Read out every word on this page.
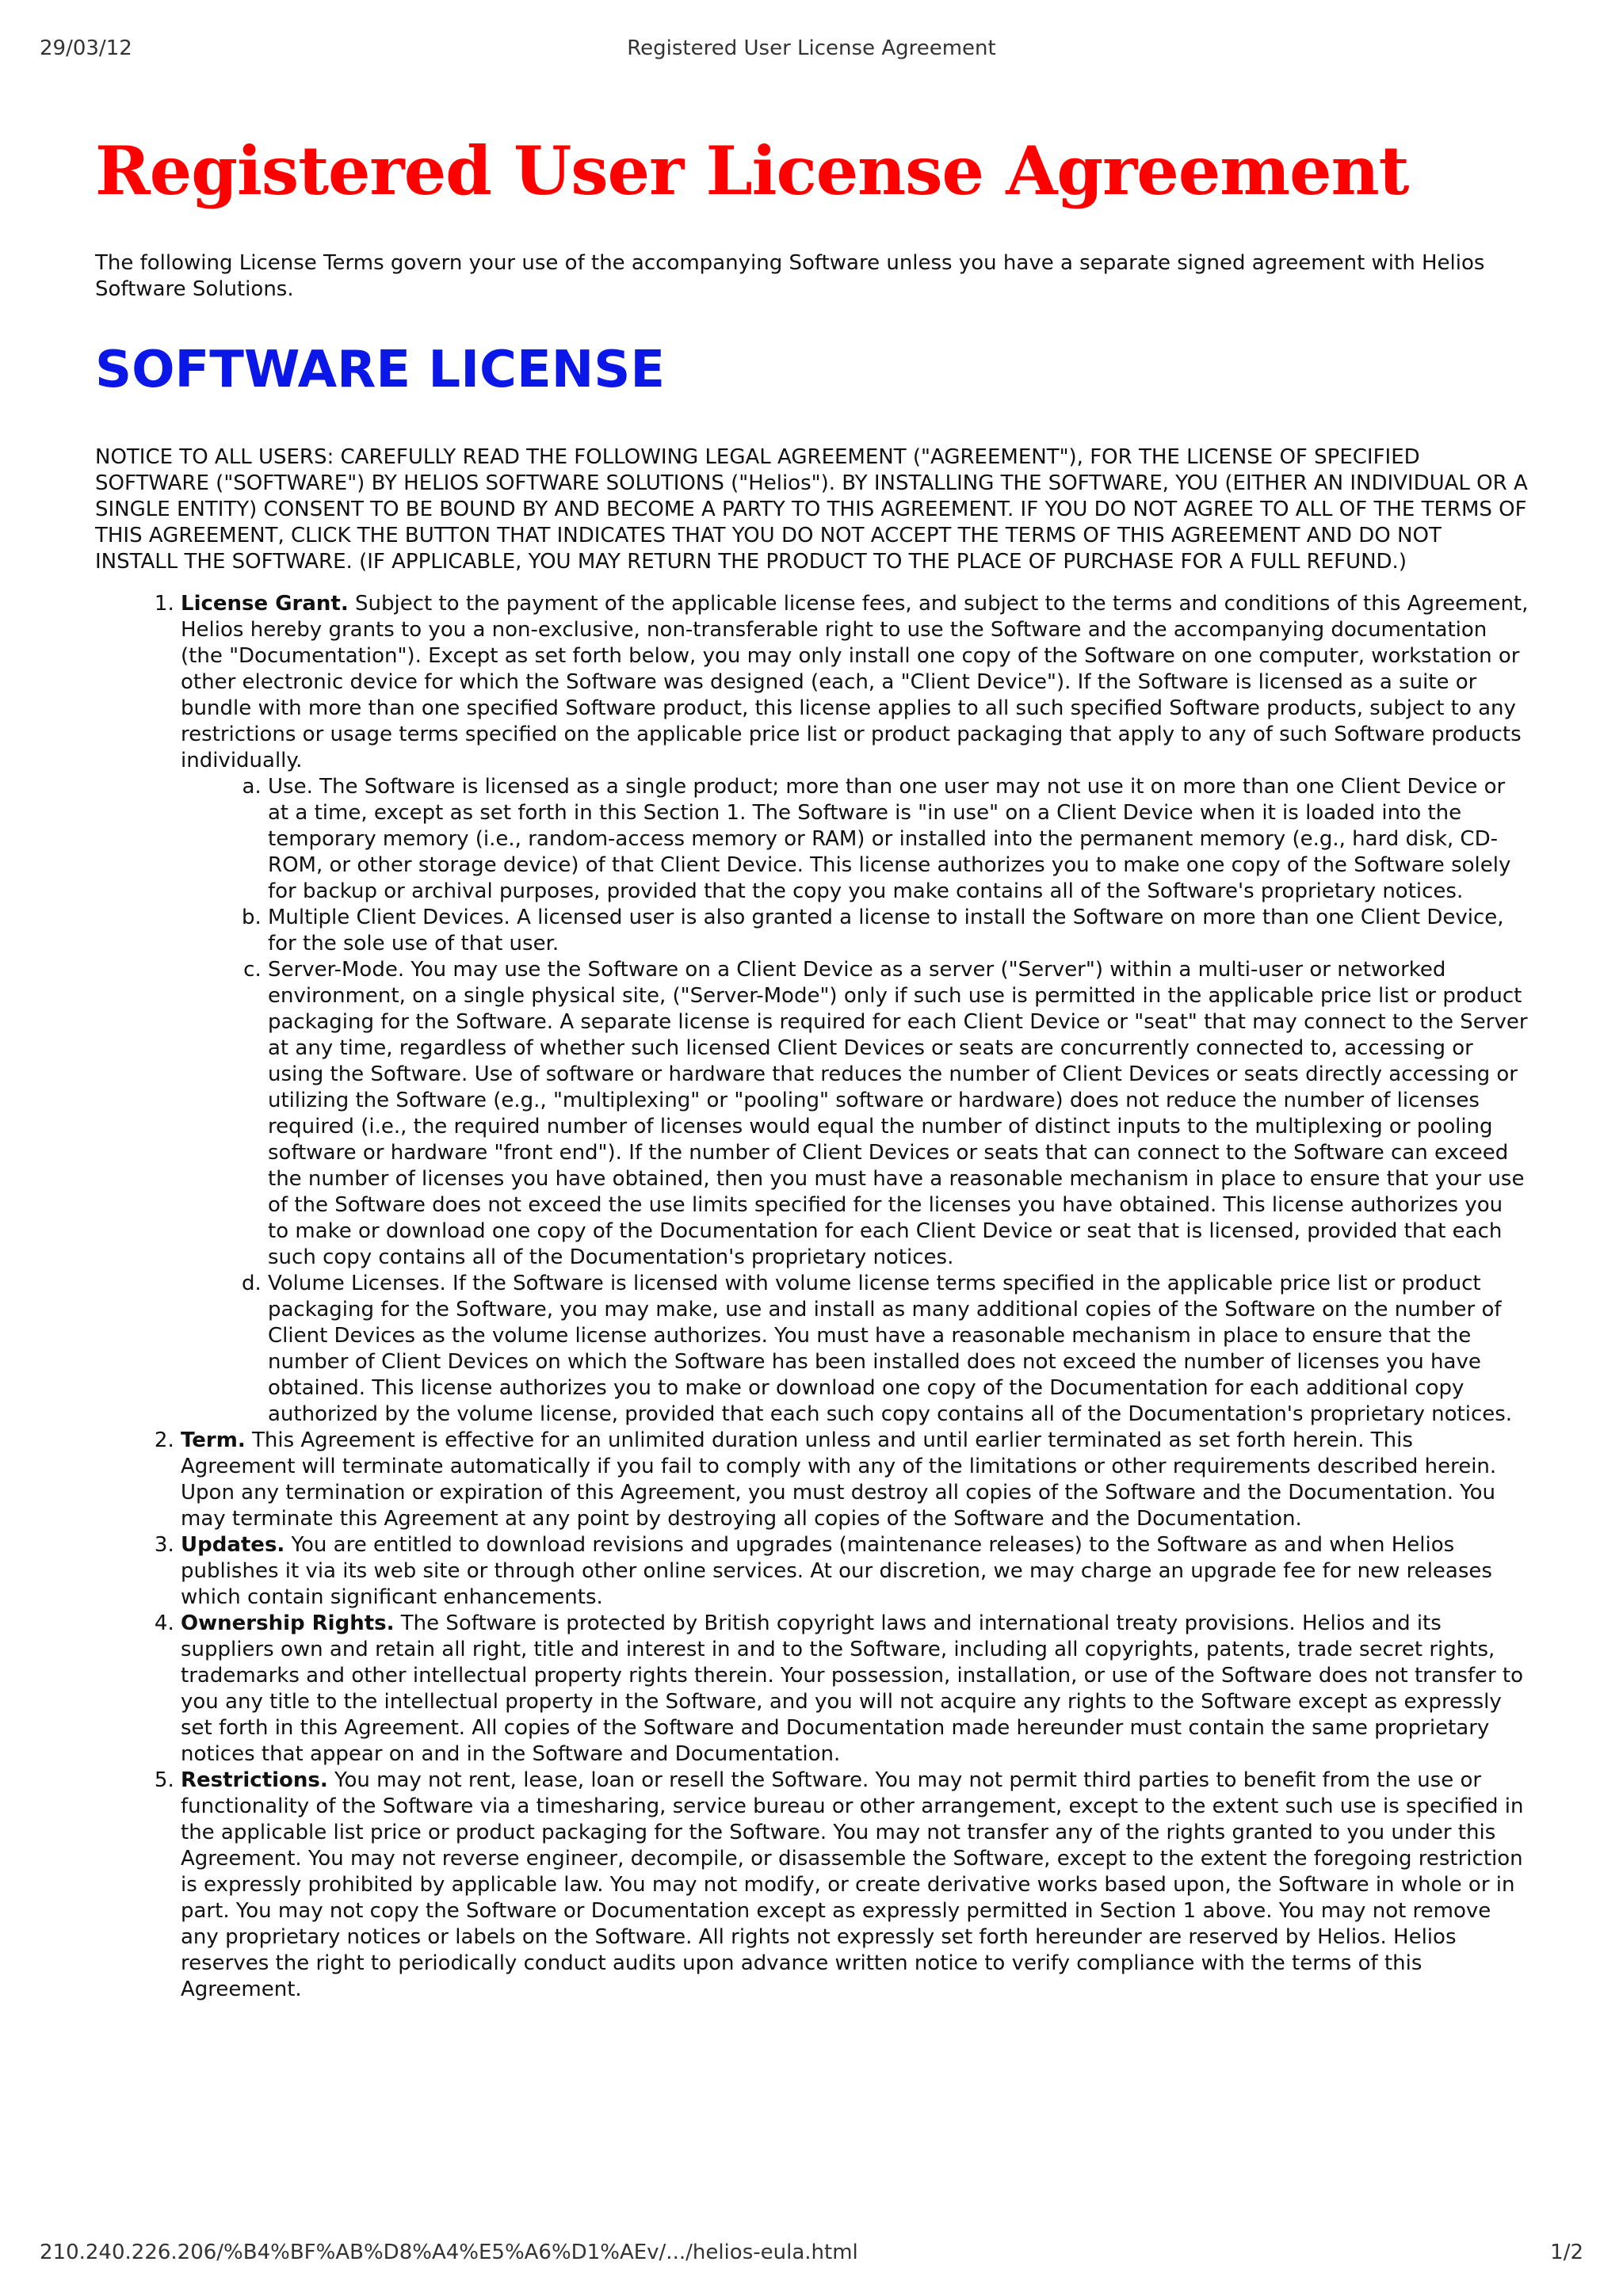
29/03/12	Registered User License Agreement
Registered User License Agreement

The following License Terms govern your use of the accompanying Software unless you have a separate signed agreement with Helios Software Solutions.

SOFTWARE LICENSE

NOTICE TO ALL USERS: CAREFULLY READ THE FOLLOWING LEGAL AGREEMENT ("AGREEMENT"), FOR THE LICENSE OF SPECIFIED SOFTWARE ("SOFTWARE") BY HELIOS SOFTWARE SOLUTIONS ("Helios"). BY INSTALLING THE SOFTWARE, YOU (EITHER AN INDIVIDUAL OR A SINGLE ENTITY) CONSENT TO BE BOUND BY AND BECOME A PARTY TO THIS AGREEMENT. IF YOU DO NOT AGREE TO ALL OF THE TERMS OF THIS AGREEMENT, CLICK THE BUTTON THAT INDICATES THAT YOU DO NOT ACCEPT THE TERMS OF THIS AGREEMENT AND DO NOT INSTALL THE SOFTWARE. (IF APPLICABLE, YOU MAY RETURN THE PRODUCT TO THE PLACE OF PURCHASE FOR A FULL REFUND.)

1. License Grant. Subject to the payment of the applicable license fees, and subject to the terms and conditions of this Agreement, Helios hereby grants to you a non-exclusive, non-transferable right to use the Software and the accompanying documentation (the "Documentation"). Except as set forth below, you may only install one copy of the Software on one computer, workstation or other electronic device for which the Software was designed (each, a "Client Device"). If the Software is licensed as a suite or bundle with more than one specified Software product, this license applies to all such specified Software products, subject to any restrictions or usage terms specified on the applicable price list or product packaging that apply to any of such Software products individually.
a. Use. The Software is licensed as a single product; more than one user may not use it on more than one Client Device or at a time, except as set forth in this Section 1. The Software is "in use" on a Client Device when it is loaded into the temporary memory (i.e., random-access memory or RAM) or installed into the permanent memory (e.g., hard disk, CD-ROM, or other storage device) of that Client Device. This license authorizes you to make one copy of the Software solely for backup or archival purposes, provided that the copy you make contains all of the Software's proprietary notices.
b. Multiple Client Devices. A licensed user is also granted a license to install the Software on more than one Client Device, for the sole use of that user.
c. Server-Mode. You may use the Software on a Client Device as a server ("Server") within a multi-user or networked environment, on a single physical site, ("Server-Mode") only if such use is permitted in the applicable price list or product packaging for the Software. A separate license is required for each Client Device or "seat" that may connect to the Server at any time, regardless of whether such licensed Client Devices or seats are concurrently connected to, accessing or using the Software. Use of software or hardware that reduces the number of Client Devices or seats directly accessing or utilizing the Software (e.g., "multiplexing" or "pooling" software or hardware) does not reduce the number of licenses required (i.e., the required number of licenses would equal the number of distinct inputs to the multiplexing or pooling software or hardware "front end"). If the number of Client Devices or seats that can connect to the Software can exceed the number of licenses you have obtained, then you must have a reasonable mechanism in place to ensure that your use of the Software does not exceed the use limits specified for the licenses you have obtained. This license authorizes you to make or download one copy of the Documentation for each Client Device or seat that is licensed, provided that each such copy contains all of the Documentation's proprietary notices.
d. Volume Licenses. If the Software is licensed with volume license terms specified in the applicable price list or product packaging for the Software, you may make, use and install as many additional copies of the Software on the number of Client Devices as the volume license authorizes. You must have a reasonable mechanism in place to ensure that the number of Client Devices on which the Software has been installed does not exceed the number of licenses you have obtained. This license authorizes you to make or download one copy of the Documentation for each additional copy authorized by the volume license, provided that each such copy contains all of the Documentation's proprietary notices.
2. Term. This Agreement is effective for an unlimited duration unless and until earlier terminated as set forth herein. This Agreement will terminate automatically if you fail to comply with any of the limitations or other requirements described herein. Upon any termination or expiration of this Agreement, you must destroy all copies of the Software and the Documentation. You may terminate this Agreement at any point by destroying all copies of the Software and the Documentation.
3. Updates. You are entitled to download revisions and upgrades (maintenance releases) to the Software as and when Helios publishes it via its web site or through other online services. At our discretion, we may charge an upgrade fee for new releases which contain significant enhancements.
4. Ownership Rights. The Software is protected by British copyright laws and international treaty provisions. Helios and its suppliers own and retain all right, title and interest in and to the Software, including all copyrights, patents, trade secret rights, trademarks and other intellectual property rights therein. Your possession, installation, or use of the Software does not transfer to you any title to the intellectual property in the Software, and you will not acquire any rights to the Software except as expressly set forth in this Agreement. All copies of the Software and Documentation made hereunder must contain the same proprietary notices that appear on and in the Software and Documentation.
5. Restrictions. You may not rent, lease, loan or resell the Software. You may not permit third parties to benefit from the use or functionality of the Software via a timesharing, service bureau or other arrangement, except to the extent such use is specified in the applicable list price or product packaging for the Software. You may not transfer any of the rights granted to you under this Agreement. You may not reverse engineer, decompile, or disassemble the Software, except to the extent the foregoing restriction is expressly prohibited by applicable law. You may not modify, or create derivative works based upon, the Software in whole or in part. You may not copy the Software or Documentation except as expressly permitted in Section 1 above. You may not remove any proprietary notices or labels on the Software. All rights not expressly set forth hereunder are reserved by Helios. Helios reserves the right to periodically conduct audits upon advance written notice to verify compliance with the terms of this Agreement.
210.240.226.206/%B4%BF%AB%D8%A4%E5%A6%D1%AEv/.../helios-eula.html	1/2
